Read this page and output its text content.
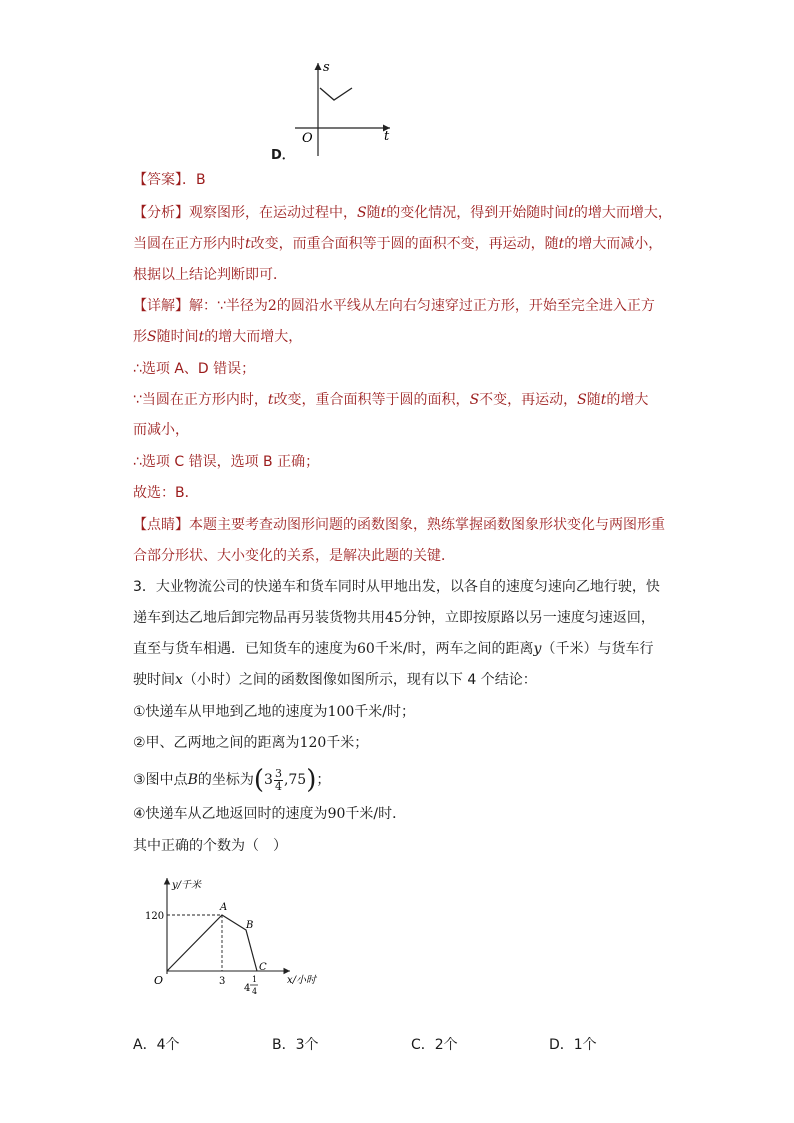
s
t
O
D．
【答案】．B
【分析】观察图形，在运动过程中，S随t的变化情况，得到开始随时间t的增大而增大，
当圆在正方形内时t改变，而重合面积等于圆的面积不变，再运动，随t的增大而减小，
根据以上结论判断即可．
【详解】解：∵半径为2的圆沿水平线从左向右匀速穿过正方形，开始至完全进入正方
形S随时间t的增大而增大，
∴选项 A、D 错误；
∵当圆在正方形内时，t改变，重合面积等于圆的面积，S不变，再运动，S随t的增大
而减小，
∴选项 C 错误，选项 B 正确；
故选：B．
【点睛】本题主要考查动图形问题的函数图象，熟练掌握函数图象形状变化与两图形重
合部分形状、大小变化的关系，是解决此题的关键．
3．大业物流公司的快递车和货车同时从甲地出发，以各自的速度匀速向乙地行驶，快
递车到达乙地后卸完物品再另装货物共用45分钟，立即按原路以另一速度匀速返回，
直至与货车相遇．已知货车的速度为60千米/时，两车之间的距离y（千米）与货车行
驶时间x（小时）之间的函数图像如图所示，现有以下 4 个结论：
①快递车从甲地到乙地的速度为100千米/时；
②甲、乙两地之间的距离为120千米；
③图中点B的坐标为 ( $3 \frac{3}{4} ,75$ ) ；
④快递车从乙地返回时的速度为90千米/时．
其中正确的个数为（　）
y/千米
x/小时
O
120
3
4
1
4
A
B
C
A．4个	B．3个	C．2个	D．1个
